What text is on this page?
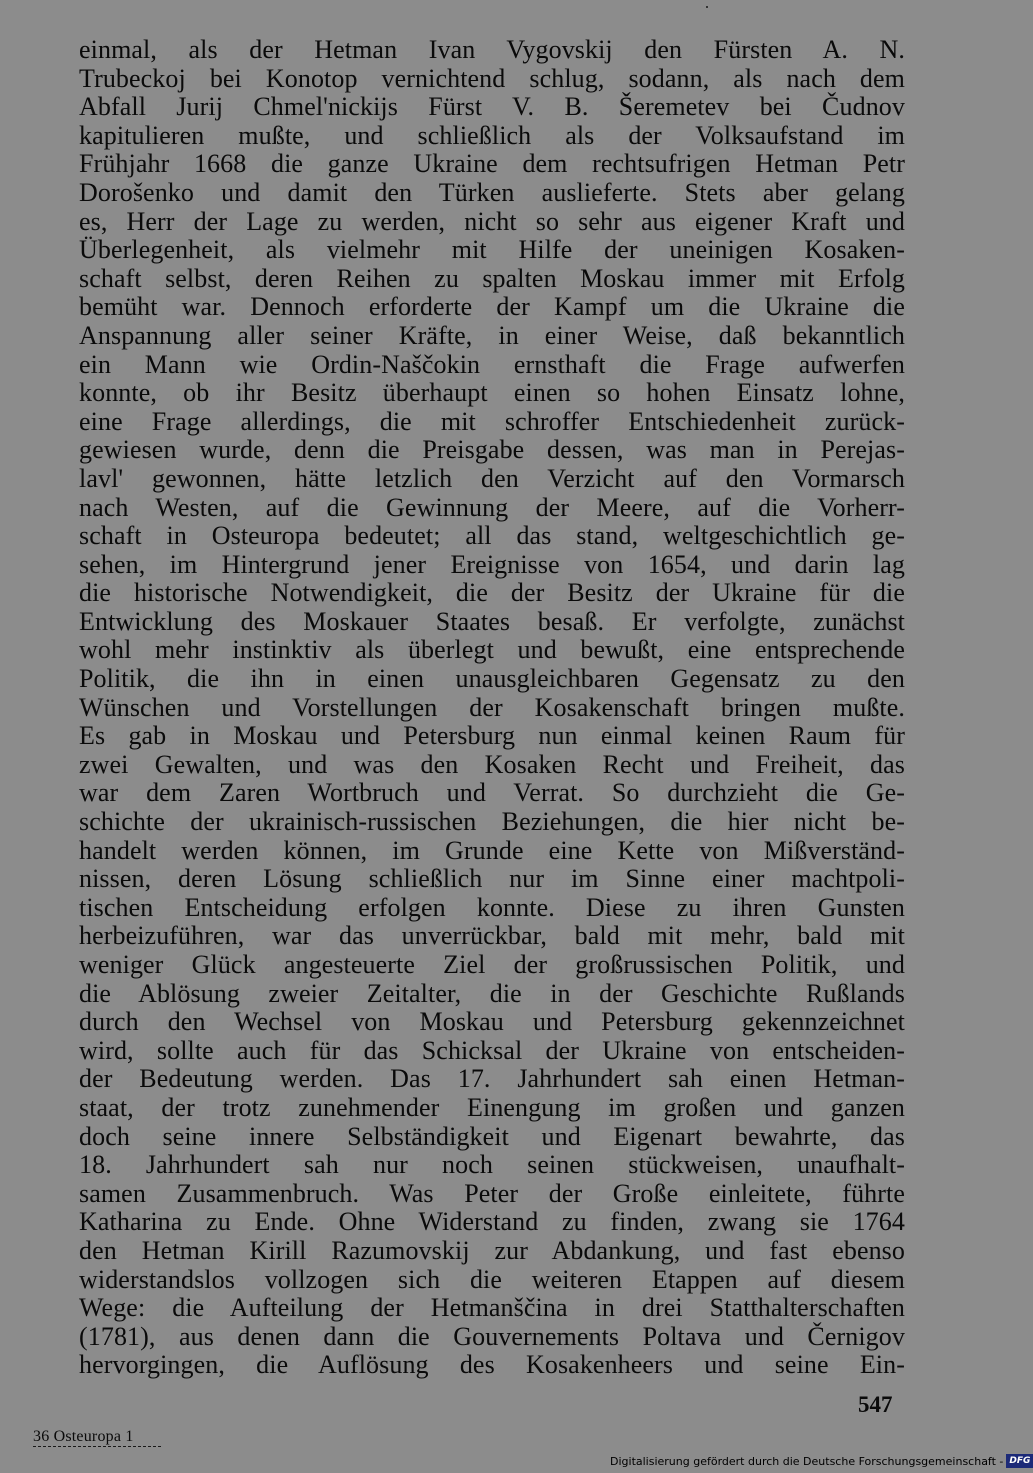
einmal, als der Hetman Ivan Vygovskij den Fürsten A. N.
Trubeckoj bei Konotop vernichtend schlug, sodann, als nach dem
Abfall Jurij Chmel'nickijs Fürst V. B. Šeremetev bei Čudnov
kapitulieren mußte, und schließlich als der Volksaufstand im
Frühjahr 1668 die ganze Ukraine dem rechtsufrigen Hetman Petr
Dorošenko und damit den Türken auslieferte. Stets aber gelang
es, Herr der Lage zu werden, nicht so sehr aus eigener Kraft und
Überlegenheit, als vielmehr mit Hilfe der uneinigen Kosaken-
schaft selbst, deren Reihen zu spalten Moskau immer mit Erfolg
bemüht war. Dennoch erforderte der Kampf um die Ukraine die
Anspannung aller seiner Kräfte, in einer Weise, daß bekanntlich
ein Mann wie Ordin-Naščokin ernsthaft die Frage aufwerfen
konnte, ob ihr Besitz überhaupt einen so hohen Einsatz lohne,
eine Frage allerdings, die mit schroffer Entschiedenheit zurück-
gewiesen wurde, denn die Preisgabe dessen, was man in Perejas-
lavl' gewonnen, hätte letzlich den Verzicht auf den Vormarsch
nach Westen, auf die Gewinnung der Meere, auf die Vorherr-
schaft in Osteuropa bedeutet; all das stand, weltgeschichtlich ge-
sehen, im Hintergrund jener Ereignisse von 1654, und darin lag
die historische Notwendigkeit, die der Besitz der Ukraine für die
Entwicklung des Moskauer Staates besaß. Er verfolgte, zunächst
wohl mehr instinktiv als überlegt und bewußt, eine entsprechende
Politik, die ihn in einen unausgleichbaren Gegensatz zu den
Wünschen und Vorstellungen der Kosakenschaft bringen mußte.
Es gab in Moskau und Petersburg nun einmal keinen Raum für
zwei Gewalten, und was den Kosaken Recht und Freiheit, das
war dem Zaren Wortbruch und Verrat. So durchzieht die Ge-
schichte der ukrainisch-russischen Beziehungen, die hier nicht be-
handelt werden können, im Grunde eine Kette von Mißverständ-
nissen, deren Lösung schließlich nur im Sinne einer machtpoli-
tischen Entscheidung erfolgen konnte. Diese zu ihren Gunsten
herbeizuführen, war das unverrückbar, bald mit mehr, bald mit
weniger Glück angesteuerte Ziel der großrussischen Politik, und
die Ablösung zweier Zeitalter, die in der Geschichte Rußlands
durch den Wechsel von Moskau und Petersburg gekennzeichnet
wird, sollte auch für das Schicksal der Ukraine von entscheiden-
der Bedeutung werden. Das 17. Jahrhundert sah einen Hetman-
staat, der trotz zunehmender Einengung im großen und ganzen
doch seine innere Selbständigkeit und Eigenart bewahrte, das
18. Jahrhundert sah nur noch seinen stückweisen, unaufhalt-
samen Zusammenbruch. Was Peter der Große einleitete, führte
Katharina zu Ende. Ohne Widerstand zu finden, zwang sie 1764
den Hetman Kirill Razumovskij zur Abdankung, und fast ebenso
widerstandslos vollzogen sich die weiteren Etappen auf diesem
Wege: die Aufteilung der Hetmanščina in drei Statthalterschaften
(1781), aus denen dann die Gouvernements Poltava und Černigov
hervorgingen, die Auflösung des Kosakenheers und seine Ein-
547
36 Osteuropa 1
Digitalisierung gefördert durch die Deutsche Forschungsgemeinschaft - DFG
